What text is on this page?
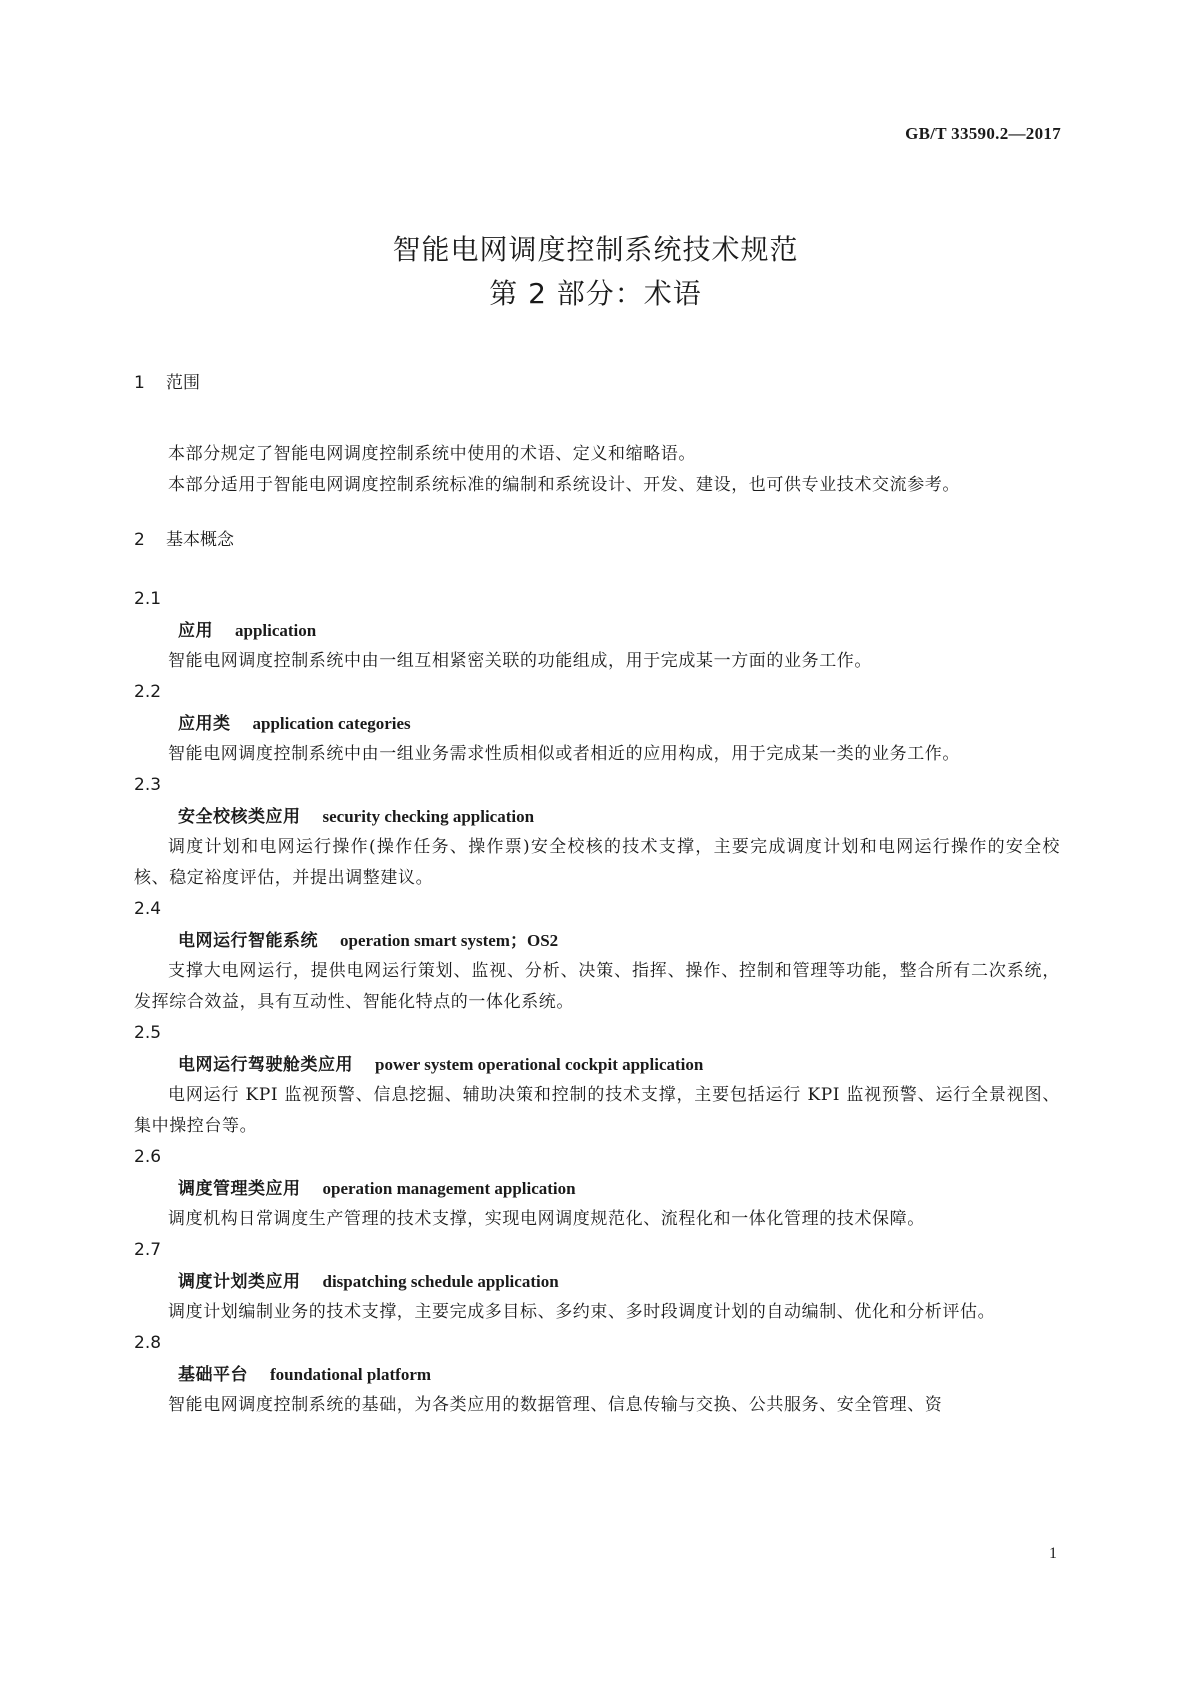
GB/T 33590.2—2017
智能电网调度控制系统技术规范
第 2 部分：术语
1 范围
本部分规定了智能电网调度控制系统中使用的术语、定义和缩略语。
本部分适用于智能电网调度控制系统标准的编制和系统设计、开发、建设，也可供专业技术交流参考。
2 基本概念
2.1
应用 application
智能电网调度控制系统中由一组互相紧密关联的功能组成，用于完成某一方面的业务工作。
2.2
应用类 application categories
智能电网调度控制系统中由一组业务需求性质相似或者相近的应用构成，用于完成某一类的业务工作。
2.3
安全校核类应用 security checking application
调度计划和电网运行操作(操作任务、操作票)安全校核的技术支撑，主要完成调度计划和电网运行操作的安全校核、稳定裕度评估，并提出调整建议。
2.4
电网运行智能系统 operation smart system；OS2
支撑大电网运行，提供电网运行策划、监视、分析、决策、指挥、操作、控制和管理等功能，整合所有二次系统，发挥综合效益，具有互动性、智能化特点的一体化系统。
2.5
电网运行驾驶舱类应用 power system operational cockpit application
电网运行 KPI 监视预警、信息挖掘、辅助决策和控制的技术支撑，主要包括运行 KPI 监视预警、运行全景视图、集中操控台等。
2.6
调度管理类应用 operation management application
调度机构日常调度生产管理的技术支撑，实现电网调度规范化、流程化和一体化管理的技术保障。
2.7
调度计划类应用 dispatching schedule application
调度计划编制业务的技术支撑，主要完成多目标、多约束、多时段调度计划的自动编制、优化和分析评估。
2.8
基础平台 foundational platform
智能电网调度控制系统的基础，为各类应用的数据管理、信息传输与交换、公共服务、安全管理、资
1
